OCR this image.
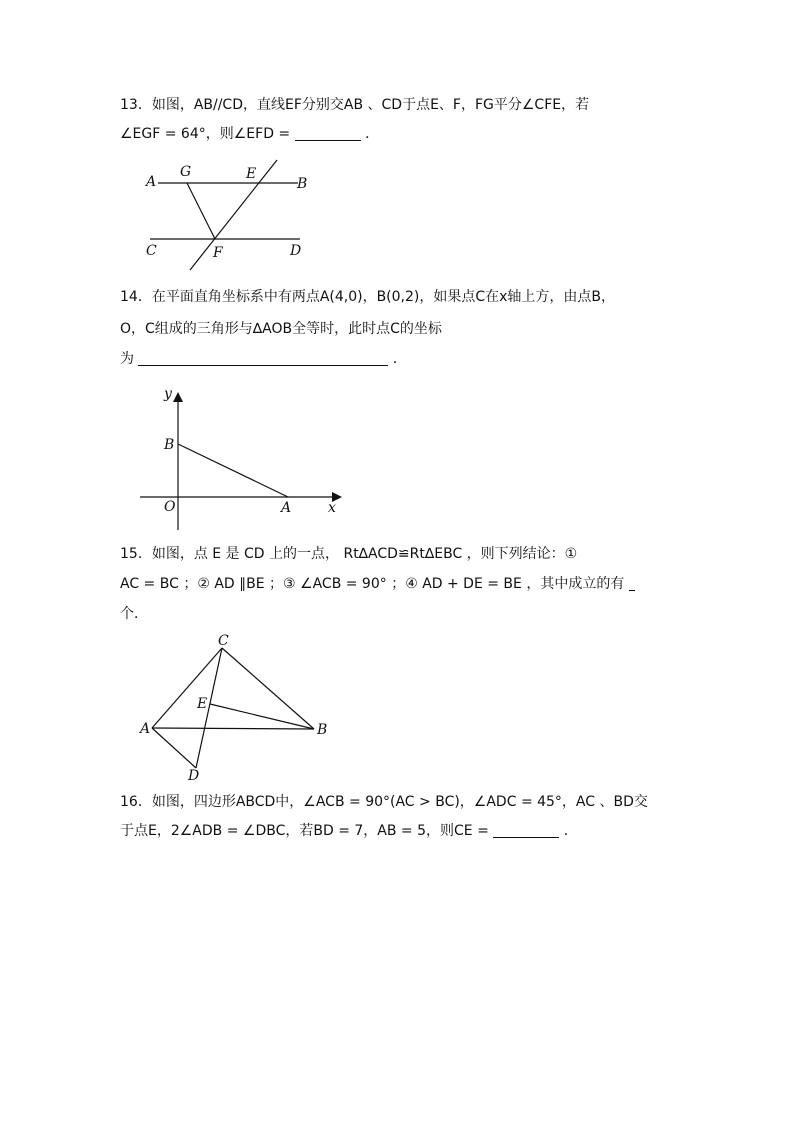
13．如图，AB//CD，直线EF分别交AB 、CD于点E、F，FG平分∠CFE，若
∠EGF = 64°，则∠EFD =	．
A
G	E
B
C	F	D
14．在平面直角坐标系中有两点A(4,0)，B(0,2)，如果点C在x轴上方，由点B，
O，C组成的三角形与∆AOB全等时，此时点C的坐标
为	．
y
B
O	A	x
15．如图，点 E 是 CD 上的一点， Rt∆ACD≌Rt∆EBC ，则下列结论：①
AC = BC ；② AD ∥BE ；③ ∠ACB = 90° ；④ AD + DE = BE ，其中成立的有
个．
C
E
A	B
D
16．如图，四边形ABCD中，∠ACB = 90°(AC > BC)，∠ADC = 45°，AC 、BD交
于点E，2∠ADB = ∠DBC，若BD = 7，AB = 5，则CE =	．
